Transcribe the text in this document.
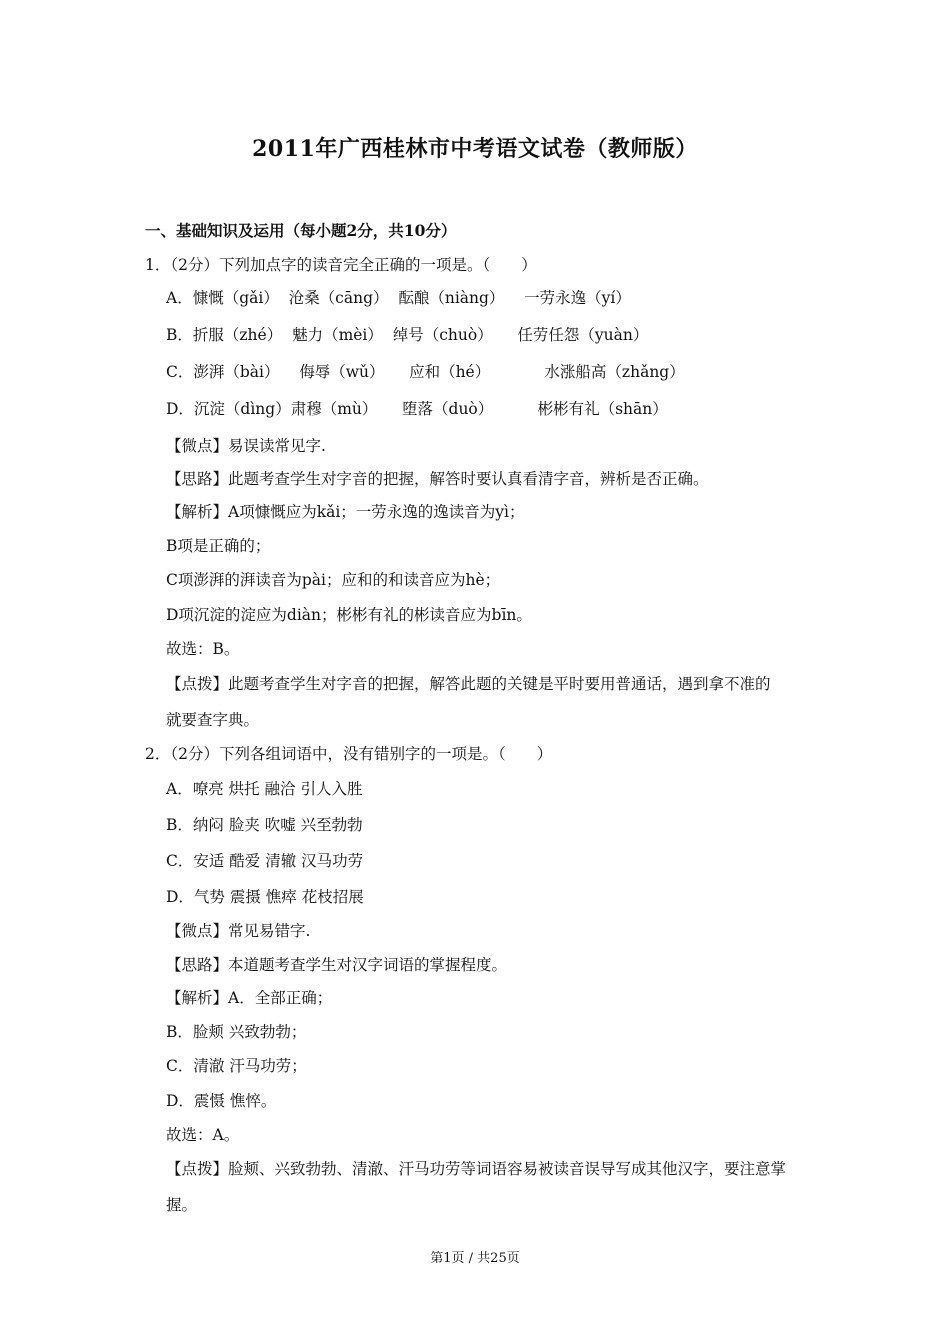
2011年广西桂林市中考语文试卷（教师版）
一、基础知识及运用（每小题2分，共10分）
1．（2分）下列加点字的读音完全正确的一项是。（　　）
A．慷慨（gǎi）  沧桑（cāng）  酝酿（niàng）    一劳永逸（yí）
B．折服（zhé）  魅力（mèi）  绰号（chuò）     任劳任怨（yuàn）
C．澎湃（bài）    侮辱（wǔ）     应和（hé）           水涨船高（zhǎng）
D．沉淀（dìng）肃穆（mù）     堕落（duò）         彬彬有礼（shān）
【微点】易误读常见字.
【思路】此题考查学生对字音的把握，解答时要认真看清字音，辨析是否正确。
【解析】A项慷慨应为kǎi；一劳永逸的逸读音为yì；
B项是正确的；
C项澎湃的湃读音为pài；应和的和读音应为hè；
D项沉淀的淀应为diàn；彬彬有礼的彬读音应为bīn。
故选：B。
【点拨】此题考查学生对字音的把握，解答此题的关键是平时要用普通话，遇到拿不准的
就要查字典。
2．（2分）下列各组词语中，没有错别字的一项是。（　　）
A．嘹亮 烘托 融洽 引人入胜
B．纳闷 脸夹 吹嘘 兴至勃勃
C．安适 酷爱 清辙 汉马功劳
D．气势 震摄 憔瘁 花枝招展
【微点】常见易错字.
【思路】本道题考查学生对汉字词语的掌握程度。
【解析】A．全部正确；
B．脸颊 兴致勃勃；
C．清澈 汗马功劳；
D．震慑 憔悴。
故选：A。
【点拨】脸颊、兴致勃勃、清澈、汗马功劳等词语容易被读音误导写成其他汉字，要注意掌
握。
第1页 / 共25页
